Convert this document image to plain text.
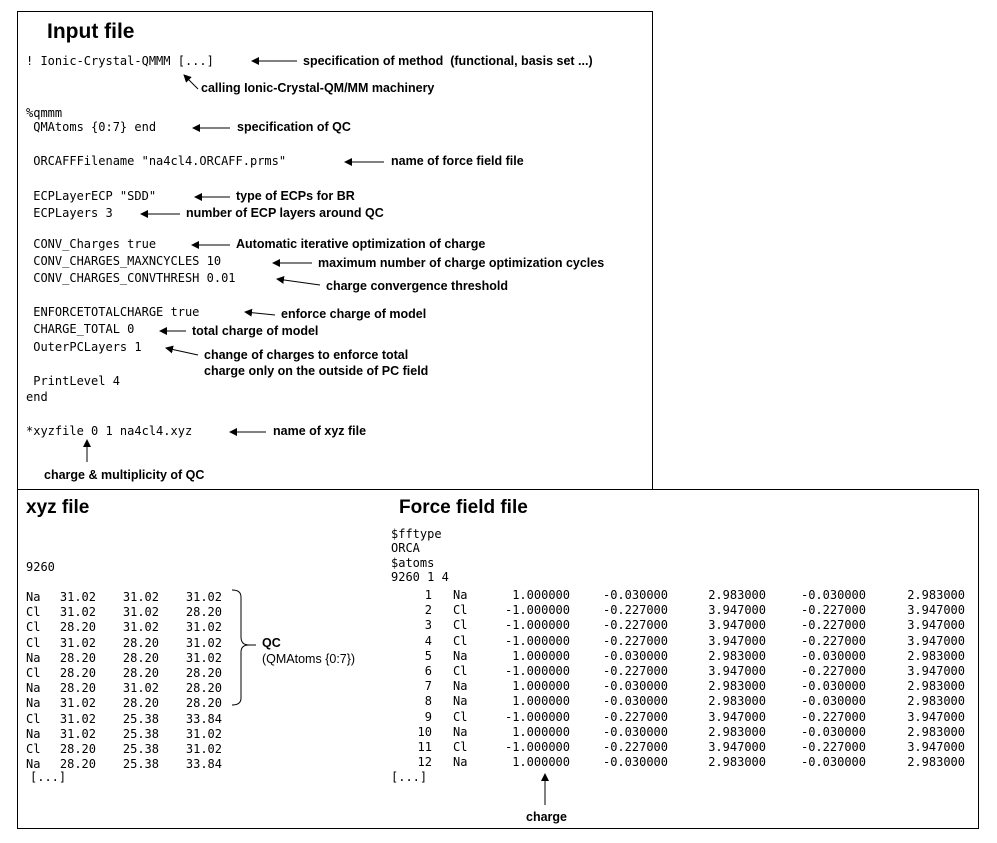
Input file
! Ionic-Crystal-QMMM [...]
%qmmm
QMAtoms {0:7} end
ORCAFFFilename "na4cl4.ORCAFF.prms"
ECPLayerECP "SDD"
ECPLayers 3
CONV_Charges true
CONV_CHARGES_MAXNCYCLES 10
CONV_CHARGES_CONVTHRESH 0.01
ENFORCETOTALCHARGE true
CHARGE_TOTAL 0
OuterPCLayers 1
PrintLevel 4
end
*xyzfile 0 1 na4cl4.xyz
specification of method  (functional, basis set ...)
calling Ionic-Crystal-QM/MM machinery
specification of QC
name of force field file
type of ECPs for BR
number of ECP layers around QC
Automatic iterative optimization of charge
maximum number of charge optimization cycles
charge convergence threshold
enforce charge of model
total charge of model
change of charges to enforce total
charge only on the outside of PC field
name of xyz file
charge & multiplicity of QC
xyz file
9260
Na	31.02	31.02	31.02
Cl	31.02	31.02	28.20
Cl	28.20	31.02	31.02
Cl	31.02	28.20	31.02
Na	28.20	28.20	31.02
Cl	28.20	28.20	28.20
Na	28.20	31.02	28.20
Na	31.02	28.20	28.20
Cl	31.02	25.38	33.84
Na	31.02	25.38	31.02
Cl	28.20	25.38	31.02
Na	28.20	25.38	33.84
[...]
QC
(QMAtoms {0:7})
Force field file
$fftype
ORCA
$atoms
9260 1 4
1 Na	1.000000	-0.030000	2.983000	-0.030000	2.983000
2 Cl	-1.000000	-0.227000	3.947000	-0.227000	3.947000
3 Cl	-1.000000	-0.227000	3.947000	-0.227000	3.947000
4 Cl	-1.000000	-0.227000	3.947000	-0.227000	3.947000
5 Na	1.000000	-0.030000	2.983000	-0.030000	2.983000
6 Cl	-1.000000	-0.227000	3.947000	-0.227000	3.947000
7 Na	1.000000	-0.030000	2.983000	-0.030000	2.983000
8 Na	1.000000	-0.030000	2.983000	-0.030000	2.983000
9 Cl	-1.000000	-0.227000	3.947000	-0.227000	3.947000
10 Na	1.000000	-0.030000	2.983000	-0.030000	2.983000
11 Cl	-1.000000	-0.227000	3.947000	-0.227000	3.947000
12 Na	1.000000	-0.030000	2.983000	-0.030000	2.983000
[...]
charge
